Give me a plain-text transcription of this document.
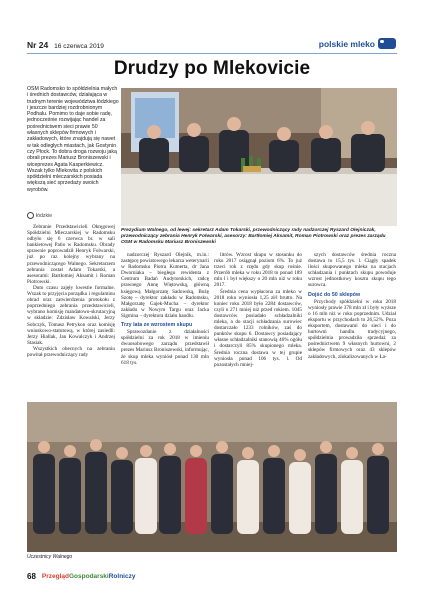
Nr 24 16 czerwca 2019	polskie mleko
Drudzy po Mlekovicie
OSM Radomsko to spółdzielnia małych i średnich dostawców, działająca w trudnym terenie województwa łódzkiego i jeszcze bardziej rozdrobnionym Podhalu. Pomimo to daje sobie radę, jednocześnie rozwijając handel za pośrednictwem sieci prawie 50 własnych sklepów firmowych i zakładowych, które znajdują się nawet w tak odległych miastach, jak Gostynin czy Płock. To dobra droga rozwoju jaką obrali prezes Mariusz Broniszewski i wiceprezes Agata Kasperkiewicz. Wszak tylko Mlekovita z polskich spółdzielni mleczarskich posiada większą sieć sprzedaży swoich wyrobów.
Prezydium Walnego, od lewej: sekretarz Adam Tokarski, przewodniczący rady nadzorczej Ryszard Olejniczak, przewodniczący zebrania Henryk Folwarski, asesorzy: Bartłomiej Aksamit, Roman Piotrowski oraz prezes zarządu OSM w Radomsku Mariusz Broniszewski
łódzkie

Zebranie Przedstawicieli Okręgowej Spółdzielni Mleczarskiej w Radomsku odbyło się 6 czerwca br. w sali bankietowej Patio w Radomsku. Obrady sprawnie poprowadził Henryk Folwarski, już po raz kolejny wybrany na przewodniczącego Walnego. Sekretarzem zebrania został Adam Tokarski, a asesorami: Bartłomiej Aksamit i Roman Piotrowski.

Duto czasu zajęły kwestie formalne. Wszak to przyjęcia porządku i regulaminu obrad oraz zatwierdzenia protokołu z poprzedniego zebrania przedstawicieli, wybrano komisję mandatowo-skrutacyjną w składzie: Zdzisław Kowalski, Jerzy Sobczyk, Tomasz Petrykon oraz komisję wnioskowo-statutową, w której zasiedli: Jerzy Hiallak, Jan Kowalczyk i Andrzej Stasiak.

Wszystkich obecnych na zebraniu powitał przewodniczący rady

nadzorczej Ryszard Olejnik, m.in.: zastępcę powiatowego lekarza weterynarii w Radomsku Piotra Kumerta, dr Jana Dworniaka – biegłego rewidenta z Centrum Badań Audytorskich, radcę prawnego Annę Więtowską, główną księgową Małgorzatę Sadowską, Bożę Szotę – dyrektor zakładu w Radomsku, Małgorzatę Gajek-Mucha – dyrektor zakładu w Nowym Targu oraz Jacka Sigmina – dyrektora działu handlu.

Trzy lata ze wzrostem skupu

Sprawozdanie z działalności spółdzielni za rok 2018 w imieniu dwuosobowego zarządu przedstawił prezes Mariusz Broniszewski, informując, że skup mleka wyniósł ponad 130 mln 618 tys.

litrów. Wzrost skupu w stosunku do roku 2017 osiągnął poziom 6%. To już trzeci rok z rzędu gdy skup rośnie. Przerób mleka w roku 2018 to ponad 189 mln l i był większy o 20 mln niż w roku 2017.

Średnia cena wypłacona za mleko w 2018 roku wyniosła 1,25 zł/l brutto. Na koniec roku 2018 było 2284 dostawców, czyli o 271 mniej niż przed rokiem. 1045 dostawców posiadało schładzalniki mleka, a do stacji schładzania surowiec dostarczało 1233 rolników, zaś do punktów skupu 6. Dostawcy posiadający własne schładzalniki stanowią 46% ogółu i dostarczyli 85% skupionego mleka. Średnia roczna dostawa w tej grupie wyniosła ponad 106 tys. l. Od pozostałych mniej-

szych dostawców średnia roczna dostawa to 15,5 tys. l. Ciągły spadek ilości skupowanego mleka na stacjach schładzania i punktach skupu powoduje wzrost jednostkowy kosztu skupu tego surowca.

Dojść do 50 sklepów

Przychody spółdzielni w roku 2018 wyniosły prawie 378 mln zł i były wyższe o 16 mln niż w roku poprzednim. Udział eksportu w przychodach to 26,52%. Poza eksportem, dostawami do sieci i do hurtowni handlu tradycyjnego, spółdzielnia prowadziła sprzedaż za pośrednictwem 9 własnych hurtowni, 2 sklepów firmowych oraz 43 sklepów zakładowych, zlokalizowanych w Ła-

Uczestnicy Walnego
68 PrzeglądGospodarskiRolniczy
